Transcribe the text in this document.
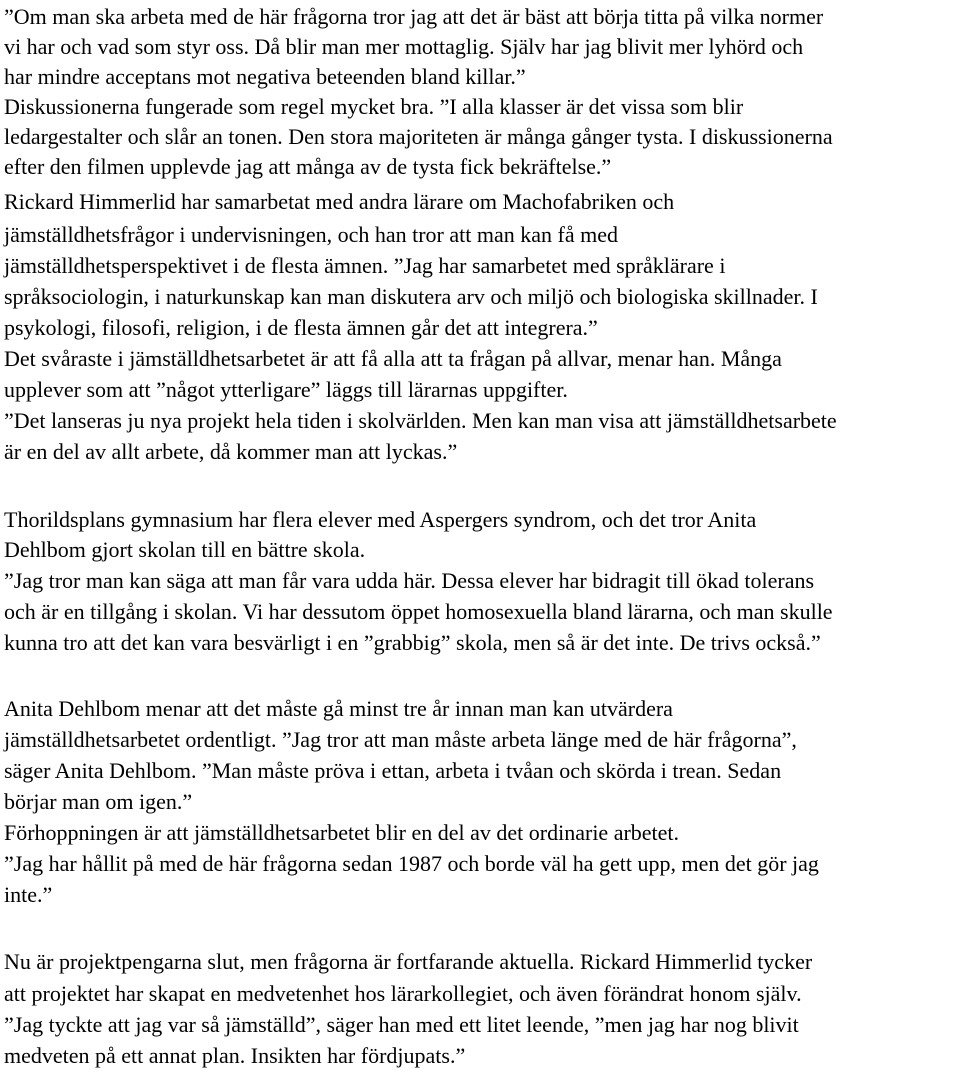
”Om man ska arbeta med de här frågorna tror jag att det är bäst att börja titta på vilka normer
vi har och vad som styr oss. Då blir man mer mottaglig. Själv har jag blivit mer lyhörd och
har mindre acceptans mot negativa beteenden bland killar.”
Diskussionerna fungerade som regel mycket bra. ”I alla klasser är det vissa som blir
ledargestalter och slår an tonen. Den stora majoriteten är många gånger tysta. I diskussionerna
efter den filmen upplevde jag att många av de tysta fick bekräftelse.”
Rickard Himmerlid har samarbetat med andra lärare om Machofabriken och
jämställdhetsfrågor i undervisningen, och han tror att man kan få med
jämställdhetsperspektivet i de flesta ämnen. ”Jag har samarbetet med språklärare i
språksociologin, i naturkunskap kan man diskutera arv och miljö och biologiska skillnader. I
psykologi, filosofi, religion, i de flesta ämnen går det att integrera.”
Det svåraste i jämställdhetsarbetet är att få alla att ta frågan på allvar, menar han. Många
upplever som att ”något ytterligare” läggs till lärarnas uppgifter.
”Det lanseras ju nya projekt hela tiden i skolvärlden. Men kan man visa att jämställdhetsarbete
är en del av allt arbete, då kommer man att lyckas.”
Thorildsplans gymnasium har flera elever med Aspergers syndrom, och det tror Anita
Dehlbom gjort skolan till en bättre skola.
”Jag tror man kan säga att man får vara udda här. Dessa elever har bidragit till ökad tolerans
och är en tillgång i skolan. Vi har dessutom öppet homosexuella bland lärarna, och man skulle
kunna tro att det kan vara besvärligt i en ”grabbig” skola, men så är det inte. De trivs också.”
Anita Dehlbom menar att det måste gå minst tre år innan man kan utvärdera
jämställdhetsarbetet ordentligt. ”Jag tror att man måste arbeta länge med de här frågorna”,
säger Anita Dehlbom. ”Man måste pröva i ettan, arbeta i tvåan och skörda i trean. Sedan
börjar man om igen.”
Förhoppningen är att jämställdhetsarbetet blir en del av det ordinarie arbetet.
”Jag har hållit på med de här frågorna sedan 1987 och borde väl ha gett upp, men det gör jag
inte.”
Nu är projektpengarna slut, men frågorna är fortfarande aktuella. Rickard Himmerlid tycker
att projektet har skapat en medvetenhet hos lärarkollegiet, och även förändrat honom själv.
”Jag tyckte att jag var så jämställd”, säger han med ett litet leende, ”men jag har nog blivit
medveten på ett annat plan. Insikten har fördjupats.”
